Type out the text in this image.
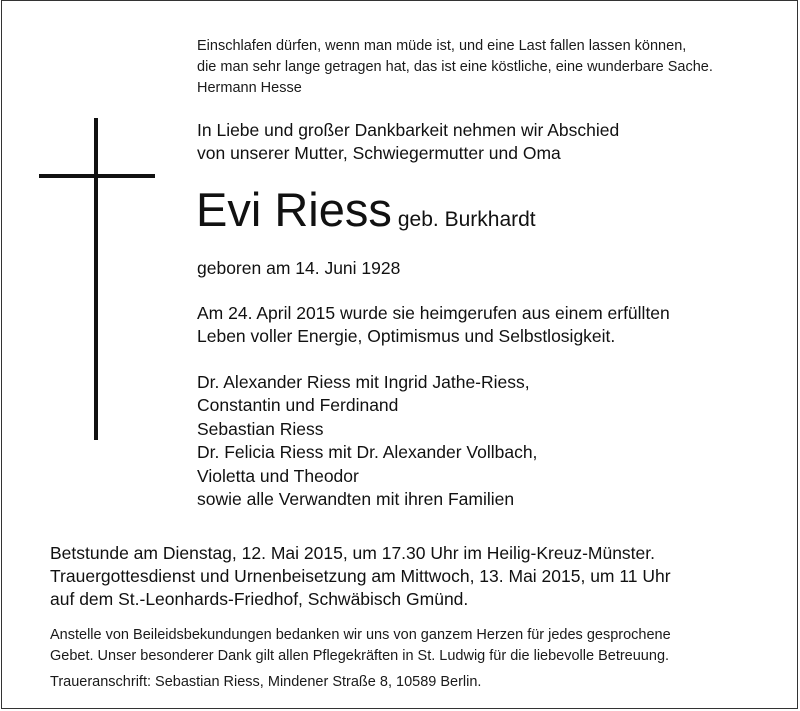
Einschlafen dürfen, wenn man müde ist, und eine Last fallen lassen können,
die man sehr lange getragen hat, das ist eine köstliche, eine wunderbare Sache.
Hermann Hesse
In Liebe und großer Dankbarkeit nehmen wir Abschied
von unserer Mutter, Schwiegermutter und Oma
Evi Riess geb. Burkhardt
geboren am 14. Juni 1928
Am 24. April 2015 wurde sie heimgerufen aus einem erfüllten
Leben voller Energie, Optimismus und Selbstlosigkeit.
Dr. Alexander Riess mit Ingrid Jathe-Riess,
Constantin und Ferdinand
Sebastian Riess
Dr. Felicia Riess mit Dr. Alexander Vollbach,
Violetta und Theodor
sowie alle Verwandten mit ihren Familien
Betstunde am Dienstag, 12. Mai 2015, um 17.30 Uhr im Heilig-Kreuz-Münster.
Trauergottesdienst und Urnenbeisetzung am Mittwoch, 13. Mai 2015, um 11 Uhr
auf dem St.-Leonhards-Friedhof, Schwäbisch Gmünd.
Anstelle von Beileidsbekundungen bedanken wir uns von ganzem Herzen für jedes gesprochene
Gebet. Unser besonderer Dank gilt allen Pflegekräften in St. Ludwig für die liebevolle Betreuung.
Traueranschrift: Sebastian Riess, Mindener Straße 8, 10589 Berlin.
